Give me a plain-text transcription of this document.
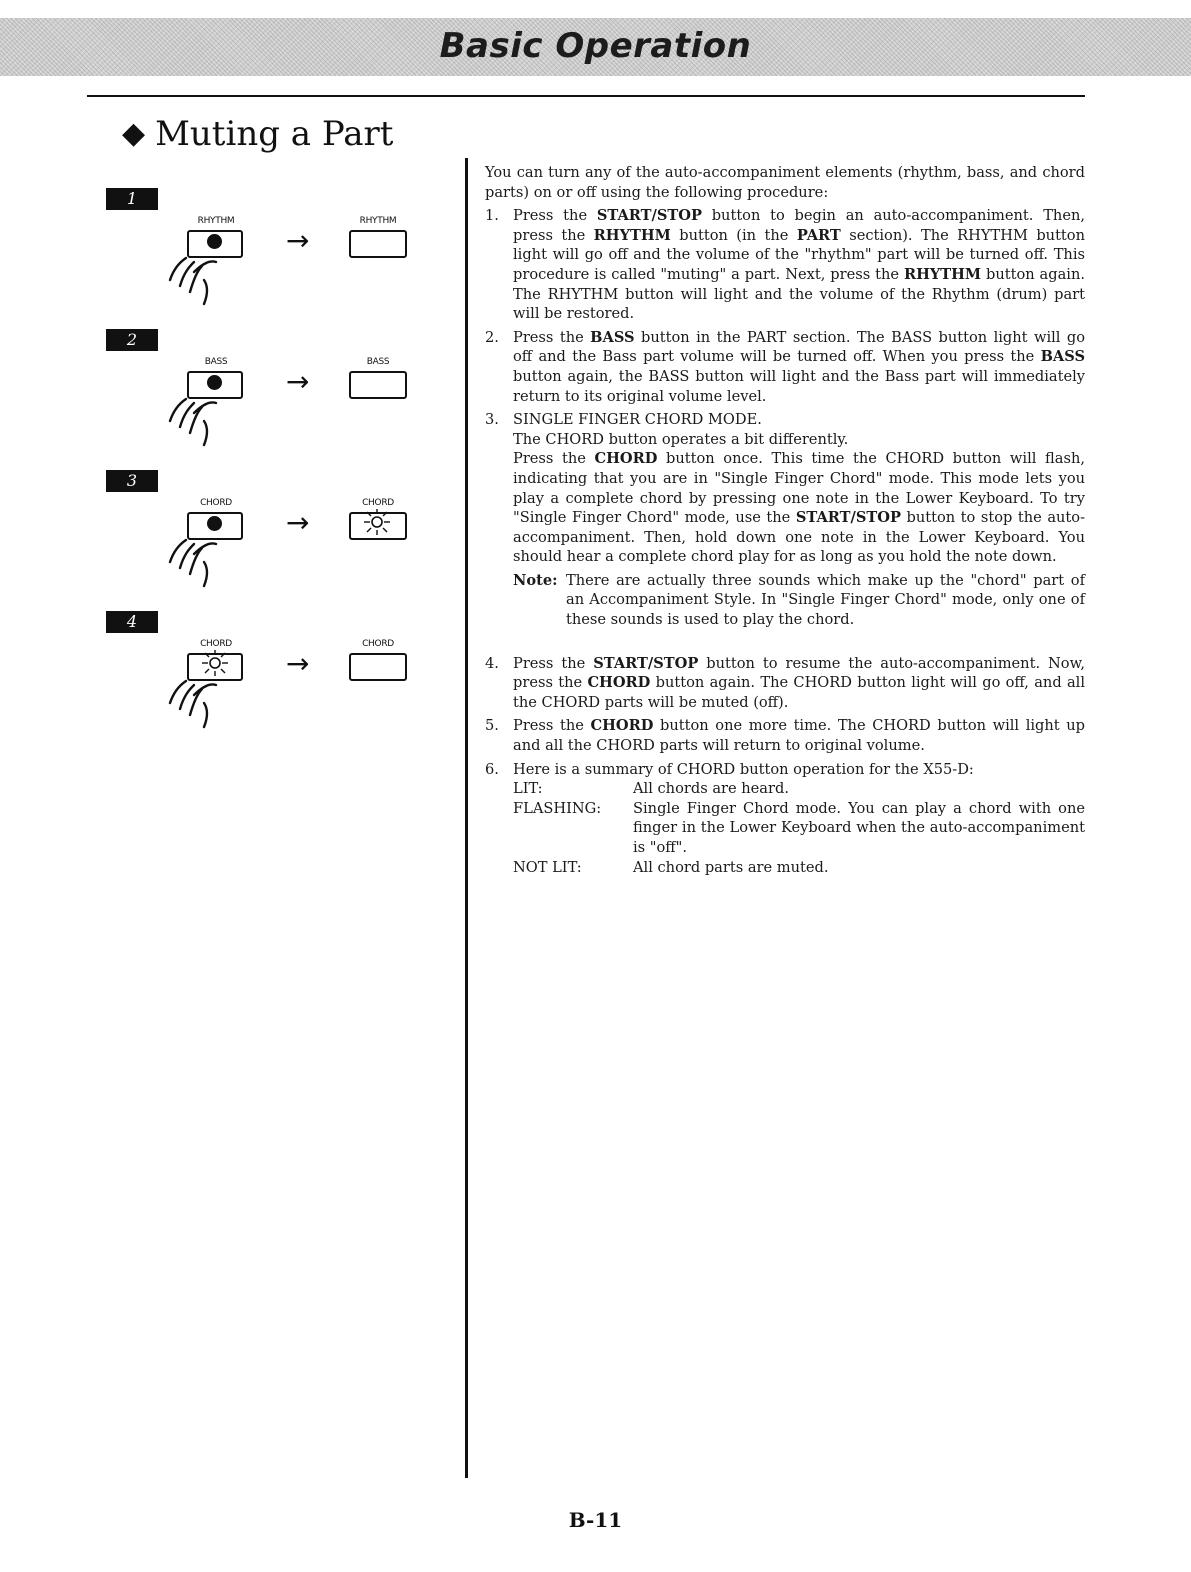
Basic Operation
◆ Muting a Part
1
RHYTHM
→
RHYTHM
2
BASS
→
BASS
3
CHORD
→
CHORD
4
CHORD
→
CHORD

You can turn any of the auto-accompaniment elements (rhythm, bass, and chord parts) on or off using the following procedure:

1. Press the START/STOP button to begin an auto-accompaniment. Then, press the RHYTHM button (in the PART section). The RHYTHM button light will go off and the volume of the "rhythm" part will be turned off. This procedure is called "muting" a part. Next, press the RHYTHM button again. The RHYTHM button will light and the volume of the Rhythm (drum) part will be restored.

2. Press the BASS button in the PART section. The BASS button light will go off and the Bass part volume will be turned off. When you press the BASS button again, the BASS button will light and the Bass part will immediately return to its original volume level.

3. SINGLE FINGER CHORD MODE.

The CHORD button operates a bit differently.

Press the CHORD button once. This time the CHORD button will flash, indicating that you are in "Single Finger Chord" mode. This mode lets you play a complete chord by pressing one note in the Lower Keyboard. To try "Single Finger Chord" mode, use the START/STOP button to stop the auto-accompaniment. Then, hold down one note in the Lower Keyboard. You should hear a complete chord play for as long as you hold the note down.

Note: There are actually three sounds which make up the "chord" part of an Accompaniment Style. In "Single Finger Chord" mode, only one of these sounds is used to play the chord.

4. Press the START/STOP button to resume the auto-accompaniment. Now, press the CHORD button again. The CHORD button light will go off, and all the CHORD parts will be muted (off).

5. Press the CHORD button one more time. The CHORD button will light up and all the CHORD parts will return to original volume.

6. Here is a summary of CHORD button operation for the X55-D:

LIT:	All chords are heard.
FLASHING:	Single Finger Chord mode. You can play a chord with one finger in the Lower Keyboard when the auto-accompaniment is "off".
NOT LIT:	All chord parts are muted.
B-11
